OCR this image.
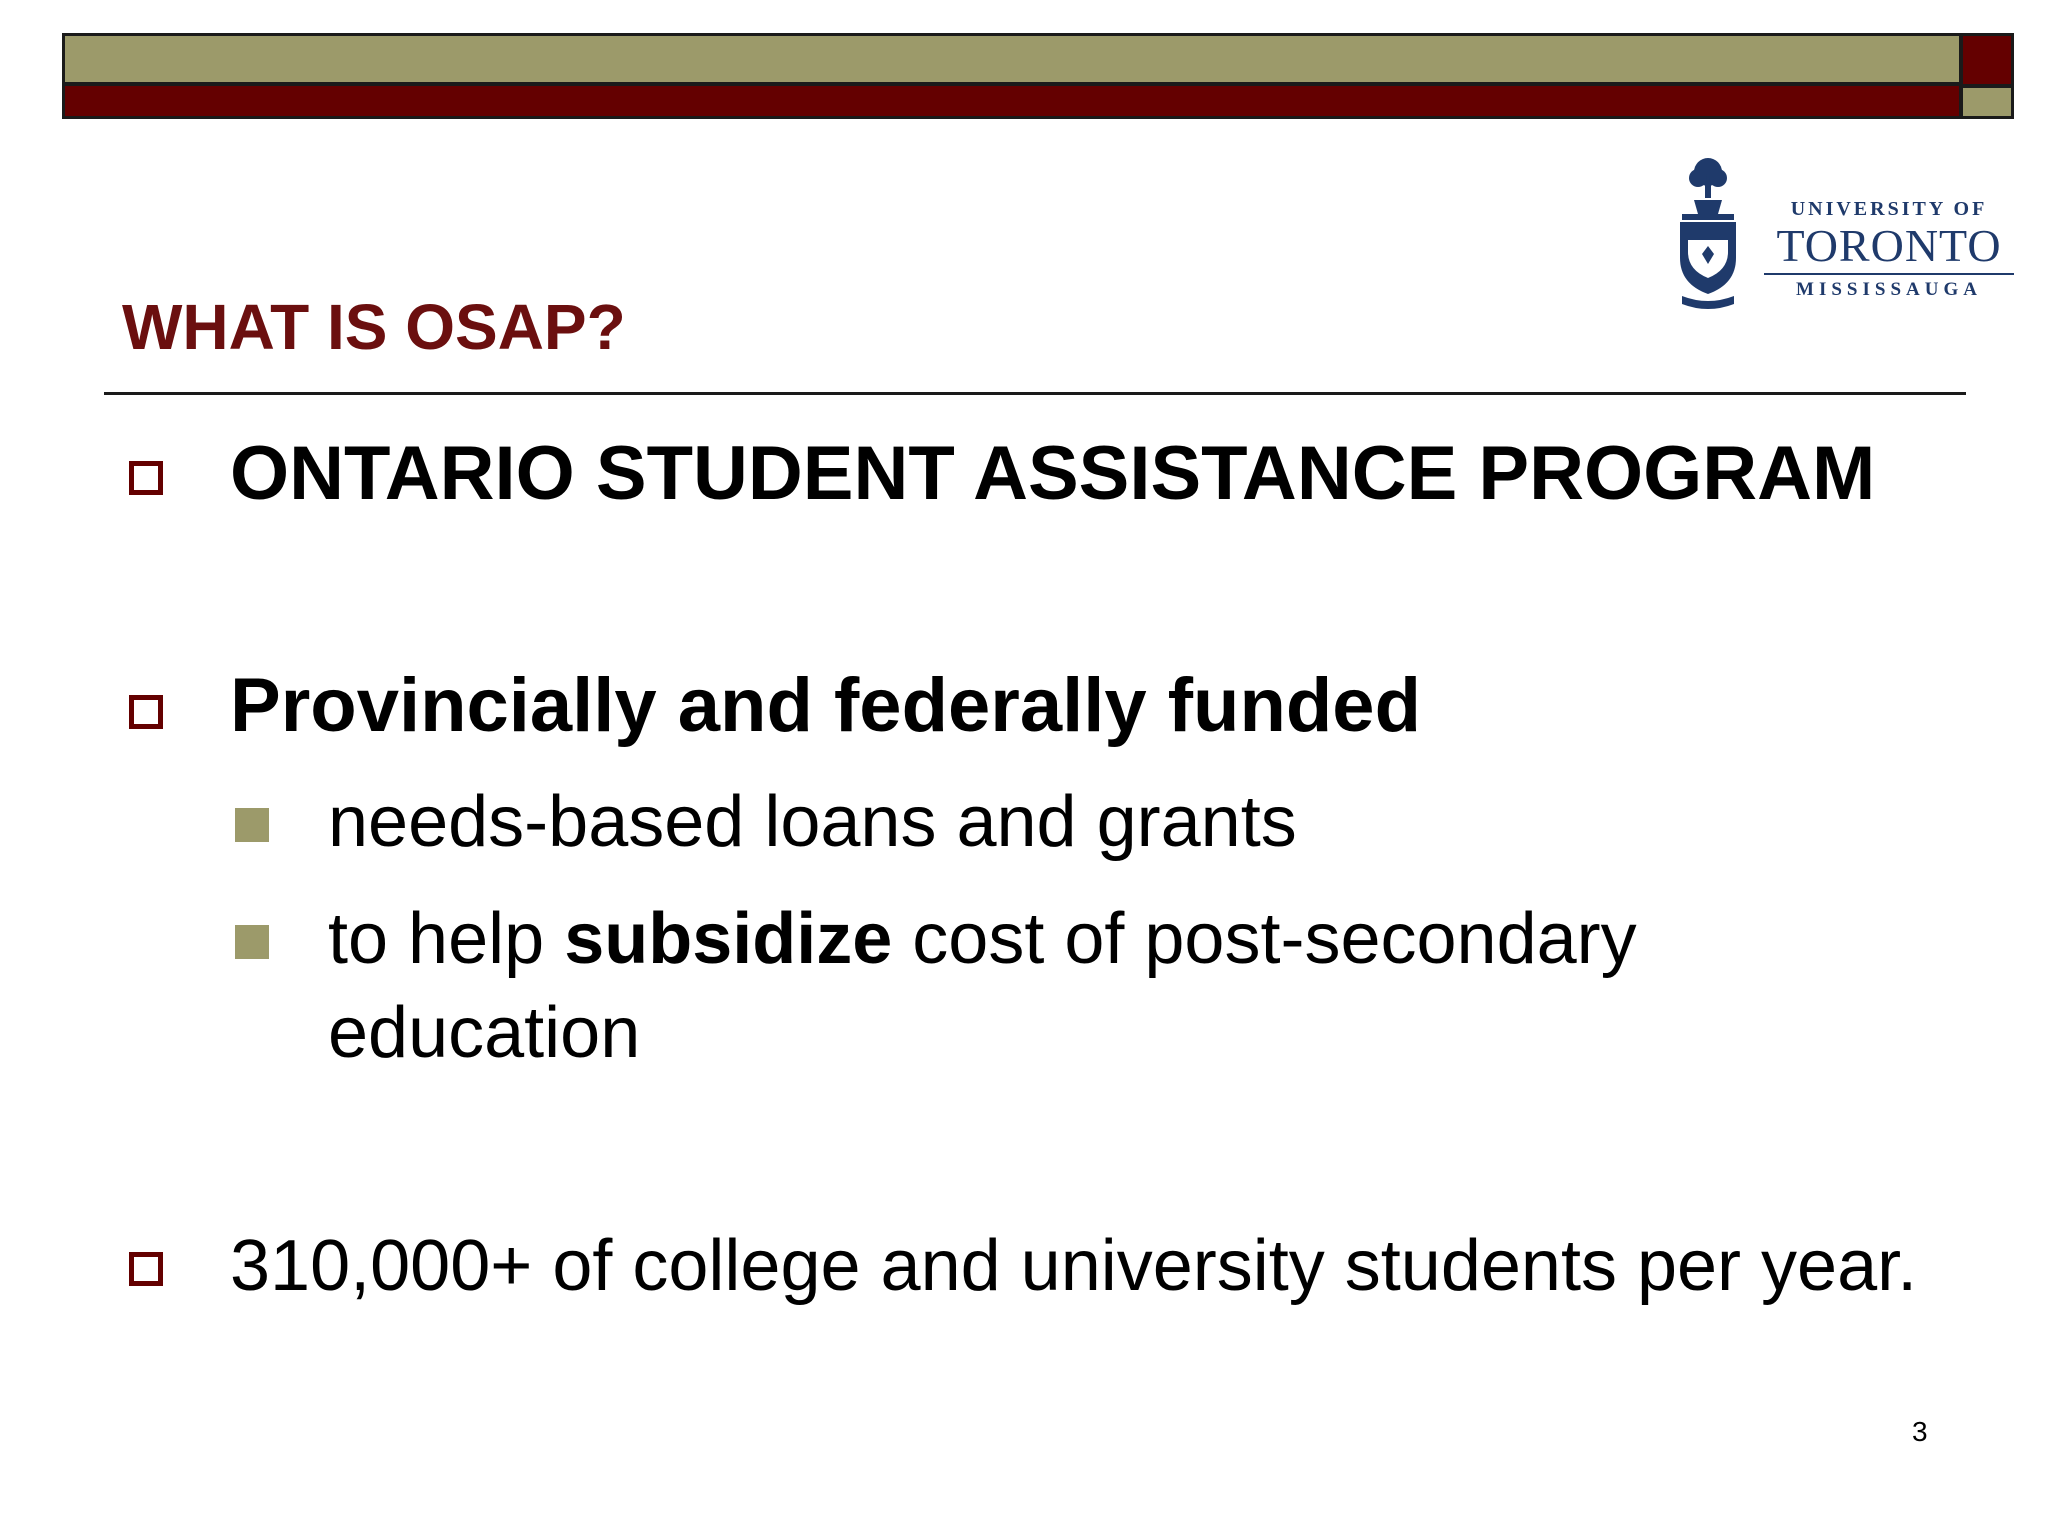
UNIVERSITY OF
TORONTO
MISSISSAUGA
WHAT IS OSAP?
ONTARIO STUDENT ASSISTANCE PROGRAM
Provincially and federally funded
needs-based loans and grants
to help subsidize cost of post-secondary education
310,000+ of college and university students per year.
3
